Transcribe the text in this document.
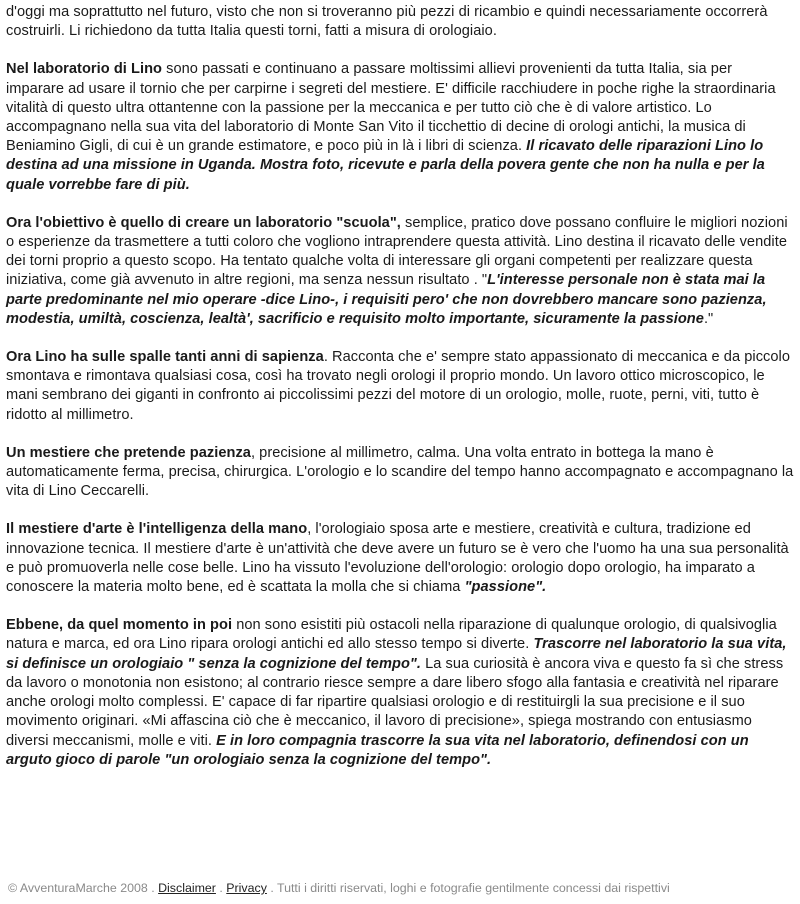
d'oggi ma soprattutto nel futuro, visto che non si troveranno più pezzi di ricambio e quindi necessariamente occorrerà costruirli. Li richiedono da tutta Italia questi torni, fatti a misura di orologiaio.

Nel laboratorio di Lino sono passati e continuano a passare moltissimi allievi provenienti da tutta Italia, sia per imparare ad usare il tornio che per carpirne i segreti del mestiere. E' difficile racchiudere in poche righe la straordinaria vitalità di questo ultra ottantenne con la passione per la meccanica e per tutto ciò che è di valore artistico. Lo accompagnano nella sua vita del laboratorio di Monte San Vito il ticchettio di decine di orologi antichi, la musica di Beniamino Gigli, di cui è un grande estimatore, e poco più in là i libri di scienza. Il ricavato delle riparazioni Lino lo destina ad una missione in Uganda. Mostra foto, ricevute e parla della povera gente che non ha nulla e per la quale vorrebbe fare di più.

Ora l'obiettivo è quello di creare un laboratorio "scuola", semplice, pratico dove possano confluire le migliori nozioni o esperienze da trasmettere a tutti coloro che vogliono intraprendere questa attività. Lino destina il ricavato delle vendite dei torni proprio a questo scopo. Ha tentato qualche volta di interessare gli organi competenti per realizzare questa iniziativa, come già avvenuto in altre regioni, ma senza nessun risultato . "L'interesse personale non è stata mai la parte predominante nel mio operare -dice Lino-, i requisiti pero' che non dovrebbero mancare sono pazienza, modestia, umiltà, coscienza, lealtà', sacrificio e requisito molto importante, sicuramente la passione."

Ora Lino ha sulle spalle tanti anni di sapienza. Racconta che e' sempre stato appassionato di meccanica e da piccolo smontava e rimontava qualsiasi cosa, così ha trovato negli orologi il proprio mondo. Un lavoro ottico microscopico, le mani sembrano dei giganti in confronto ai piccolissimi pezzi del motore di un orologio, molle, ruote, perni, viti, tutto è ridotto al millimetro.

Un mestiere che pretende pazienza, precisione al millimetro, calma. Una volta entrato in bottega la mano è automaticamente ferma, precisa, chirurgica. L'orologio e lo scandire del tempo hanno accompagnato e accompagnano la vita di Lino Ceccarelli.

Il mestiere d'arte è l'intelligenza della mano, l'orologiaio sposa arte e mestiere, creatività e cultura, tradizione ed innovazione tecnica. Il mestiere d'arte è un'attività che deve avere un futuro se è vero che l'uomo ha una sua personalità e può promuoverla nelle cose belle. Lino ha vissuto l'evoluzione dell'orologio: orologio dopo orologio, ha imparato a conoscere la materia molto bene, ed è scattata la molla che si chiama "passione".

Ebbene, da quel momento in poi non sono esistiti più ostacoli nella riparazione di qualunque orologio, di qualsivoglia natura e marca, ed ora Lino ripara orologi antichi ed allo stesso tempo si diverte. Trascorre nel laboratorio la sua vita, si definisce un orologiaio " senza la cognizione del tempo". La sua curiosità è ancora viva e questo fa sì che stress da lavoro o monotonia non esistono; al contrario riesce sempre a dare libero sfogo alla fantasia e creatività nel riparare anche orologi molto complessi. E' capace di far ripartire qualsiasi orologio e di restituirgli la sua precisione e il suo movimento originari. «Mi affascina ciò che è meccanico, il lavoro di precisione», spiega mostrando con entusiasmo diversi meccanismi, molle e viti. E in loro compagnia trascorre la sua vita nel laboratorio, definendosi con un arguto gioco di parole "un orologiaio senza la cognizione del tempo".

© AvventuraMarche 2008 . Disclaimer . Privacy . Tutti i diritti riservati, loghi e fotografie gentilmente concessi dai rispettivi
